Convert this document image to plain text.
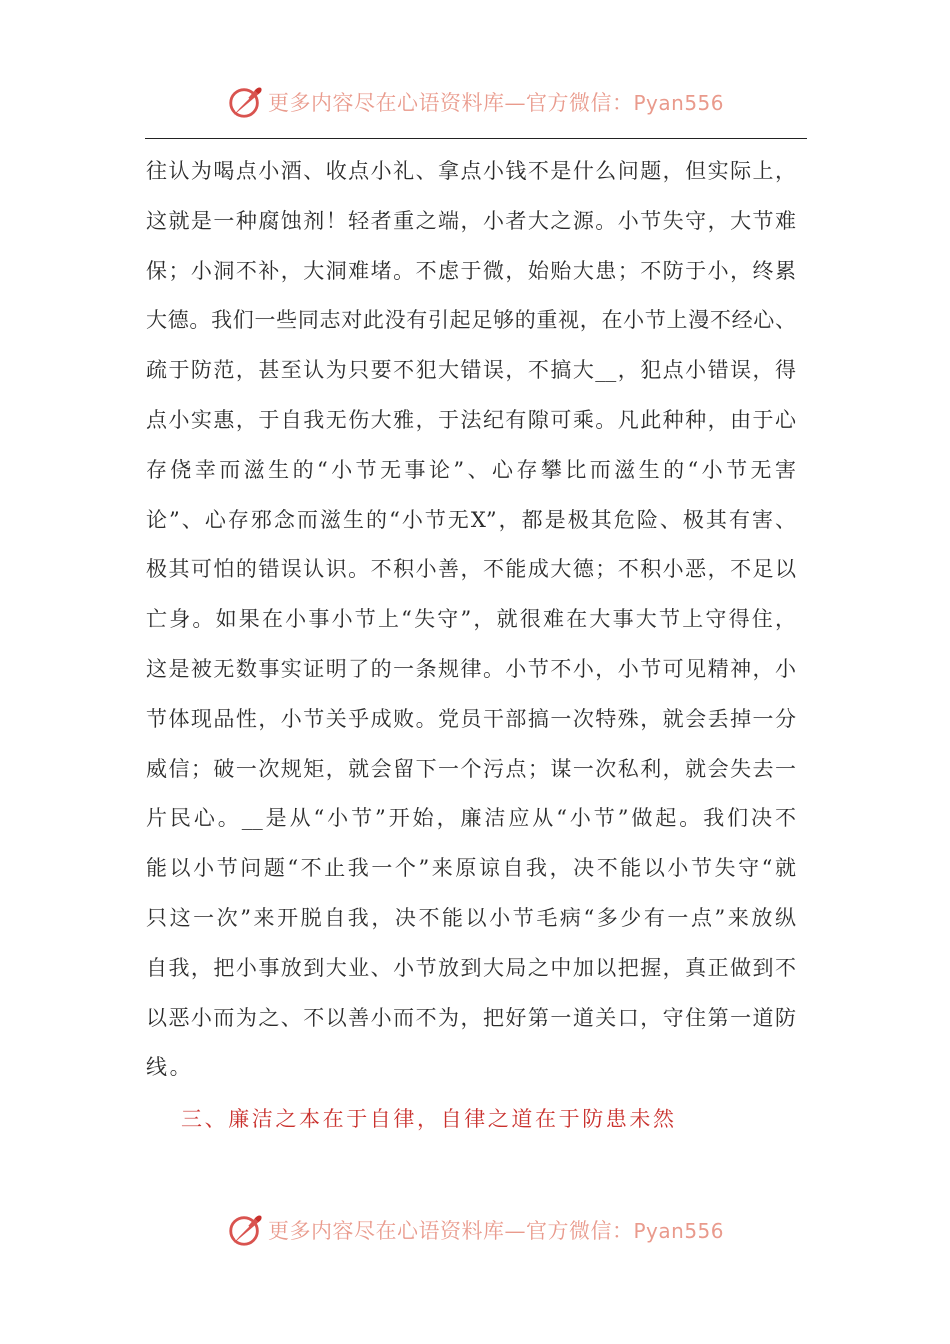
更多内容尽在心语资料库—官方微信：Pyan556
往认为喝点小酒、收点小礼、拿点小钱不是什么问题，但实际上，
这就是一种腐蚀剂！轻者重之端，小者大之源。小节失守，大节难
保；小洞不补，大洞难堵。不虑于微，始贻大患；不防于小，终累
大德。我们一些同志对此没有引起足够的重视，在小节上漫不经心、
疏于防范，甚至认为只要不犯大错误，不搞大__，犯点小错误，得
点小实惠，于自我无伤大雅，于法纪有隙可乘。凡此种种，由于心
存侥幸而滋生的“小节无事论”、心存攀比而滋生的“小节无害
论”、心存邪念而滋生的“小节无X”，都是极其危险、极其有害、
极其可怕的错误认识。不积小善，不能成大德；不积小恶，不足以
亡身。如果在小事小节上“失守”，就很难在大事大节上守得住，
这是被无数事实证明了的一条规律。小节不小，小节可见精神，小
节体现品性，小节关乎成败。党员干部搞一次特殊，就会丢掉一分
威信；破一次规矩，就会留下一个污点；谋一次私利，就会失去一
片民心。__是从“小节”开始，廉洁应从“小节”做起。我们决不
能以小节问题“不止我一个”来原谅自我，决不能以小节失守“就
只这一次”来开脱自我，决不能以小节毛病“多少有一点”来放纵
自我，把小事放到大业、小节放到大局之中加以把握，真正做到不
以恶小而为之、不以善小而不为，把好第一道关口，守住第一道防
线。
三、廉洁之本在于自律，自律之道在于防患未然
更多内容尽在心语资料库—官方微信：Pyan556
